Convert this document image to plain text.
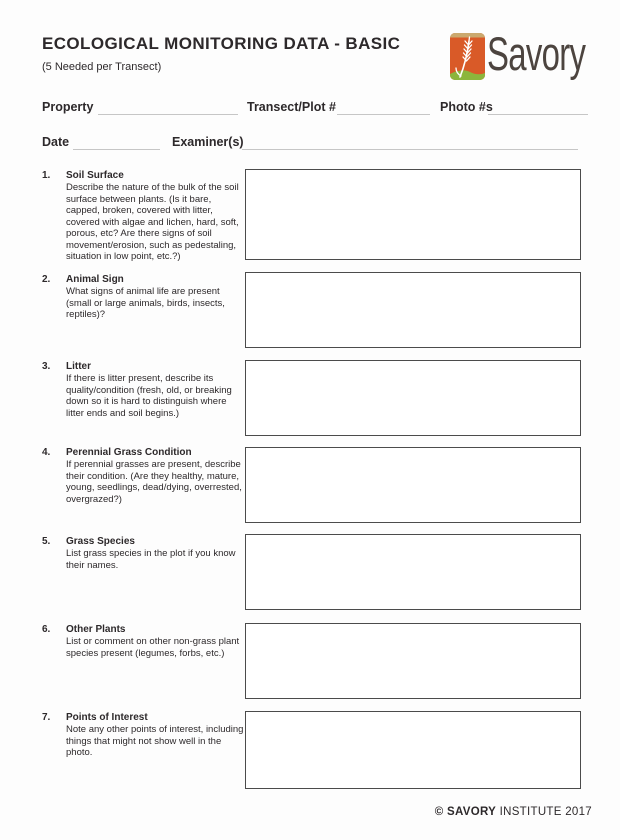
ECOLOGICAL MONITORING DATA - BASIC
(5 Needed per Transect)	Savory
Property	Transect/Plot #	Photo #s
Date	Examiner(s)
1. Soil Surface
Describe the nature of the bulk of the soil surface between plants. (Is it bare, capped, broken, covered with litter, covered with algae and lichen, hard, soft, porous, etc? Are there signs of soil movement/erosion, such as pedestaling, situation in low point, etc.?)
2. Animal Sign
What signs of animal life are present (small or large animals, birds, insects, reptiles)?
3. Litter
If there is litter present, describe its quality/condition (fresh, old, or breaking down so it is hard to distinguish where litter ends and soil begins.)
4. Perennial Grass Condition
If perennial grasses are present, describe their condition. (Are they healthy, mature, young, seedlings, dead/dying, overrested, overgrazed?)
5. Grass Species
List grass species in the plot if you know their names.
6. Other Plants
List or comment on other non-grass plant species present (legumes, forbs, etc.)
7. Points of Interest
Note any other points of interest, including things that might not show well in the photo.
© SAVORY INSTITUTE 2017
